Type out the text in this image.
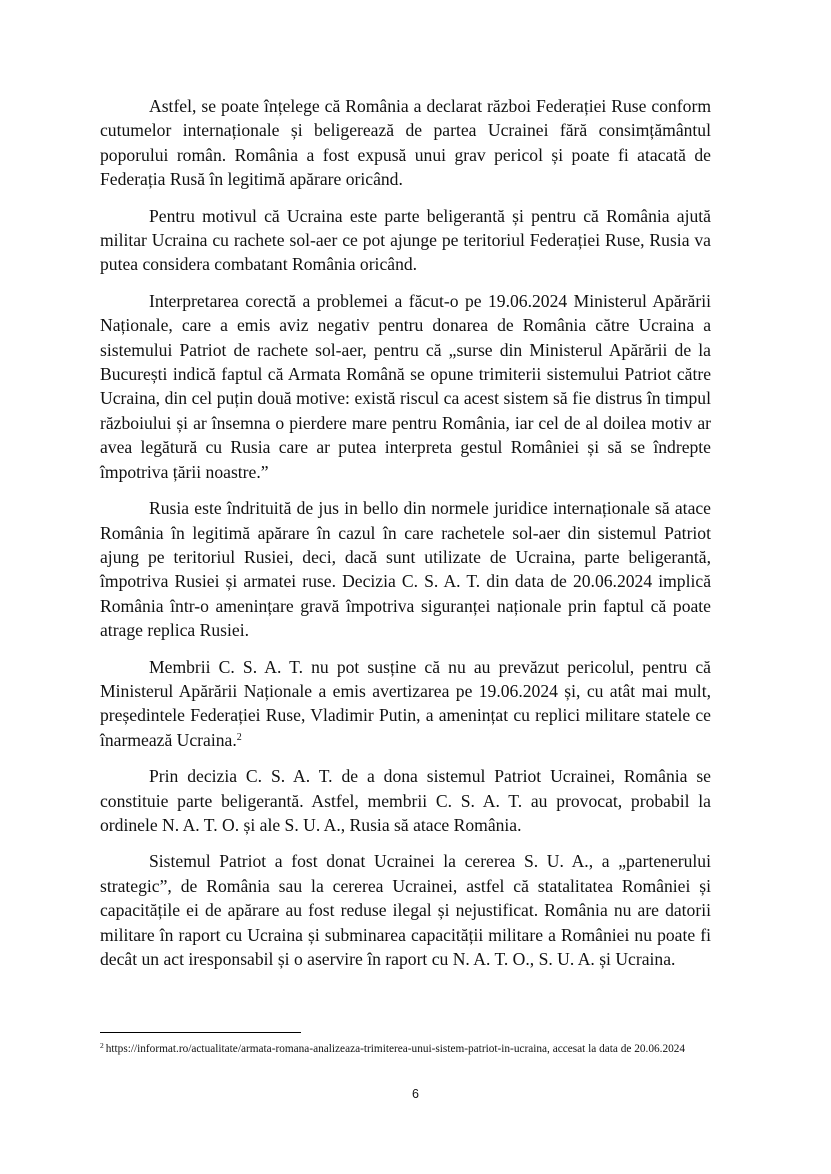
Astfel, se poate înțelege că România a declarat război Federației Ruse conform cutumelor internaționale și beligerează de partea Ucrainei fără consimțământul poporului român. România a fost expusă unui grav pericol și poate fi atacată de Federația Rusă în legitimă apărare oricând.

Pentru motivul că Ucraina este parte beligerantă și pentru că România ajută militar Ucraina cu rachete sol-aer ce pot ajunge pe teritoriul Federației Ruse, Rusia va putea considera combatant România oricând.

Interpretarea corectă a problemei a făcut-o pe 19.06.2024 Ministerul Apărării Naționale, care a emis aviz negativ pentru donarea de România către Ucraina a sistemului Patriot de rachete sol-aer, pentru că „surse din Ministerul Apărării de la București indică faptul că Armata Română se opune trimiterii sistemului Patriot către Ucraina, din cel puțin două motive: există riscul ca acest sistem să fie distrus în timpul războiului și ar însemna o pierdere mare pentru România, iar cel de al doilea motiv ar avea legătură cu Rusia care ar putea interpreta gestul României și să se îndrepte împotriva țării noastre.”

Rusia este îndrituită de jus in bello din normele juridice internaționale să atace România în legitimă apărare în cazul în care rachetele sol-aer din sistemul Patriot ajung pe teritoriul Rusiei, deci, dacă sunt utilizate de Ucraina, parte beligerantă, împotriva Rusiei și armatei ruse. Decizia C. S. A. T. din data de 20.06.2024 implică România într-o amenințare gravă împotriva siguranței naționale prin faptul că poate atrage replica Rusiei.

Membrii C. S. A. T. nu pot susține că nu au prevăzut pericolul, pentru că Ministerul Apărării Naționale a emis avertizarea pe 19.06.2024 și, cu atât mai mult, președintele Federației Ruse, Vladimir Putin, a amenințat cu replici militare statele ce înarmează Ucraina.$^2$

Prin decizia C. S. A. T. de a dona sistemul Patriot Ucrainei, România se constituie parte beligerantă. Astfel, membrii C. S. A. T. au provocat, probabil la ordinele N. A. T. O. și ale S. U. A., Rusia să atace România.

Sistemul Patriot a fost donat Ucrainei la cererea S. U. A., a „partenerului strategic”, de România sau la cererea Ucrainei, astfel că statalitatea României și capacitățile ei de apărare au fost reduse ilegal și nejustificat. România nu are datorii militare în raport cu Ucraina și subminarea capacității militare a României nu poate fi decât un act iresponsabil și o aservire în raport cu N. A. T. O., S. U. A. și Ucraina.

$^2$ https://informat.ro/actualitate/armata-romana-analizeaza-trimiterea-unui-sistem-patriot-in-ucraina, accesat la data de 20.06.2024
6
